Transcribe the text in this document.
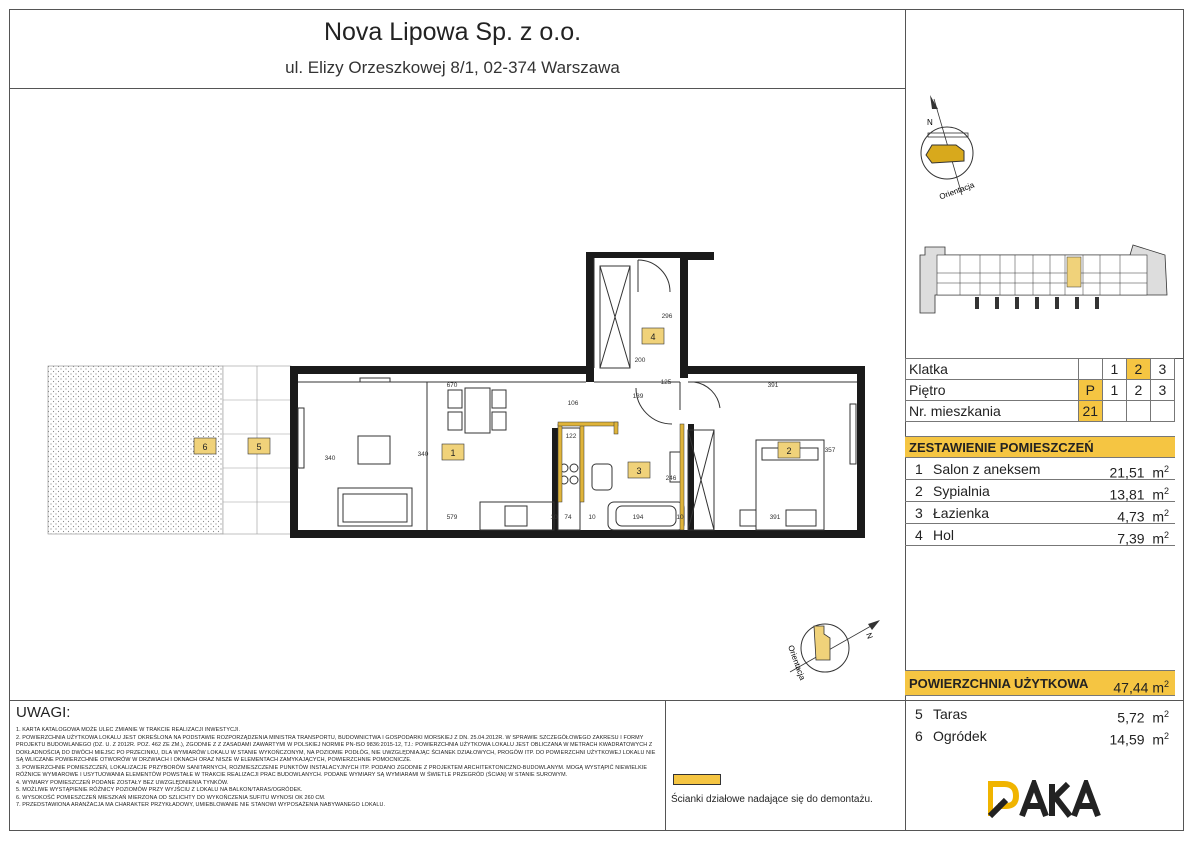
Nova Lipowa Sp. z o.o.
ul. Elizy Orzeszkowej 8/1, 02-374 Warszawa
6	5
1	2
3
4
670	391
139
106
200
296
340
340
357
579	74
10	10	10
194	391
122
125
246
Orientacja
N
Klatka		1	2	3
Piętro	P	1	2	3
Nr. mieszkania	21			
ZESTAWIENIE POMIESZCZEŃ
1 Salon z aneksem	21,51 $m^2$
2 Sypialnia	13,81 $m^2$
3 Łazienka	4,73 $m^2$
4 Hol	7,39 $m^2$
Orientacja
N
POWIERZCHNIA UŻYTKOWA 47,44 $m^2$
5 Taras	5,72 $m^2$
6 Ogródek	14,59 $m^2$
UWAGI:
1. KARTA KATALOGOWA MOŻE ULEC ZMIANIE W TRAKCIE REALIZACJI INWESTYCJI.
2. POWIERZCHNIA UŻYTKOWA LOKALU JEST OKREŚLONA NA PODSTAWIE ROZPORZĄDZENIA MINISTRA TRANSPORTU, BUDOWNICTWA I GOSPODARKI MORSKIEJ Z DN. 25.04.2012R. W SPRAWIE SZCZEGÓŁOWEGO ZAKRESU I FORMY
PROJEKTU BUDOWLANEGO (DZ. U. Z 2012R. POZ. 462 ZE ZM.), ZGODNIE Z Z ZASADAMI ZAWARTYMI W POLSKIEJ NORMIE PN-ISO 9836:2015-12, TJ.: POWIERZCHNIA UŻYTKOWA LOKALU JEST OBLICZANA W METRACH KWADRATOWYCH Z
DOKŁADNOŚCIĄ DO DWÓCH MIEJSC PO PRZECINKU, DLA WYMIARÓW LOKALU W STANIE WYKOŃCZONYM, NA POZIOMIE PODŁÓG, NIE UWZGLĘDNIAJĄC ŚCIANEK DZIAŁOWYCH, PROGÓW ITP. DO POWIERZCHNI UŻYTKOWEJ LOKALU NIE
SĄ WLICZANE POWIERZCHNIE OTWORÓW W DRZWIACH I OKNACH ORAZ NISZE W ELEMENTACH ZAMYKAJĄCYCH, POWIERZCHNIE POMOCNICZE.
3. POWIERZCHNIE POMIESZCZEŃ, LOKALIZACJE PRZYBORÓW SANITARNYCH, ROZMIESZCZENIE PUNKTÓW INSTALACYJNYCH ITP. PODANO ZGODNIE Z PROJEKTEM ARCHITEKTONICZNO-BUDOWLANYM. MOGĄ WYSTĄPIĆ NIEWIELKIE
RÓŻNICE WYMIAROWE I USYTUOWANIA ELEMENTÓW POWSTAŁE W TRAKCIE REALIZACJI PRAC BUDOWLANYCH. PODANE WYMIARY SĄ WYMIARAMI W ŚWIETLE PRZEGRÓD (ŚCIAN) W STANIE SUROWYM.
4. WYMIARY POMIESZCZEŃ PODANE ZOSTAŁY BEZ UWZGLĘDNIENIA TYNKÓW.
5. MOŻLIWE WYSTĄPIENIE RÓŻNICY POZIOMÓW PRZY WYJŚCIU Z LOKALU NA BALKON/TARAS/OGRÓDEK.
6. WYSOKOŚĆ POMIESZCZEŃ MIESZKAŃ MIERZONA OD SZLICHTY DO WYKOŃCZENIA SUFITU WYNOSI OK 260 CM.
7. PRZEDSTAWIONA ARANŻACJA MA CHARAKTER PRZYKŁADOWY, UMIEBLOWANIE NIE STANOWI WYPOSAŻENIA NABYWANEGO LOKALU.	Ścianki działowe nadające się do demontażu.
